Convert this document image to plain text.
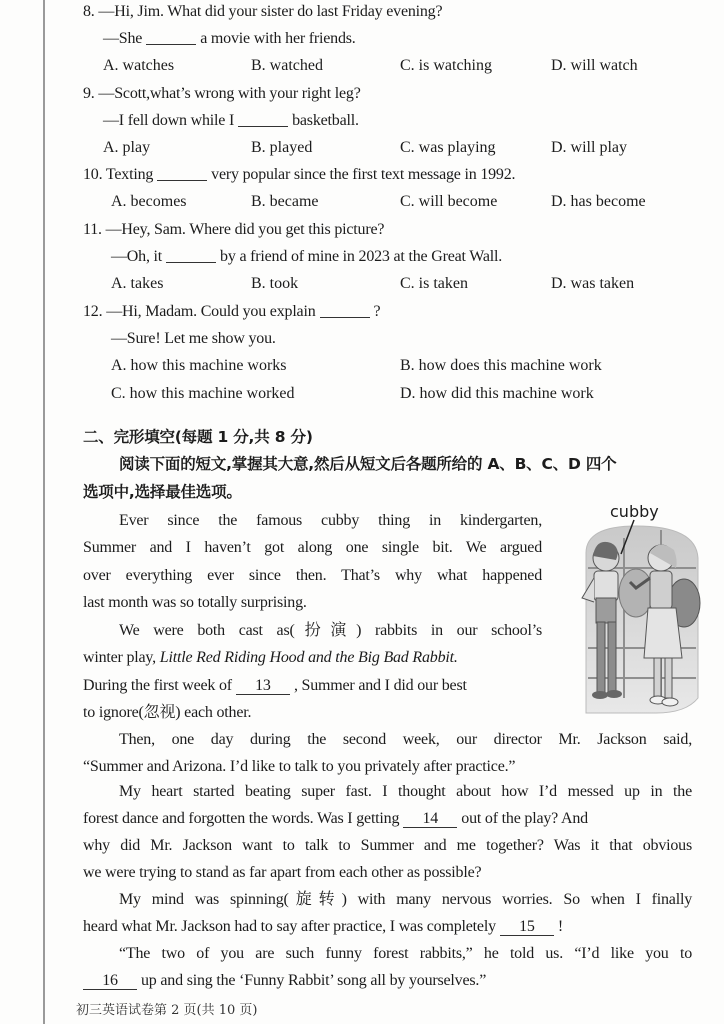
8. —Hi, Jim. What did your sister do last Friday evening?
—She	a movie with her friends.
A. watches	B. watched	C. is watching	D. will watch
9. —Scott,what’s wrong with your right leg?
—I fell down while I	basketball.
A. play	B. played	C. was playing	D. will play
10. Texting	very popular since the first text message in 1992.
A. becomes	B. became	C. will become	D. has become
11. —Hey, Sam. Where did you get this picture?
—Oh, it	by a friend of mine in 2023 at the Great Wall.
A. takes	B. took	C. is taken	D. was taken
12. —Hi, Madam. Could you explain	?
—Sure! Let me show you.
A. how this machine works	B. how does this machine work
C. how this machine worked	D. how did this machine work
二、完形填空(每题 1 分,共 8 分)
阅读下面的短文,掌握其大意,然后从短文后各题所给的 A、B、C、D 四个
选项中,选择最佳选项。
cubby
Ever since the famous cubby thing in kindergarten,
Summer and I haven’t got along one single bit. We argued
over everything ever since then. That’s why what happened
last month was so totally surprising.
We were both cast as(扮演) rabbits in our school’s
winter play, Little Red Riding Hood and the Big Bad Rabbit.
During the first week of 13 , Summer and I did our best
to ignore(忽视) each other.
Then, one day during the second week, our director Mr. Jackson said,
“Summer and Arizona. I’d like to talk to you privately after practice.”
My heart started beating super fast. I thought about how I’d messed up in the
forest dance and forgotten the words. Was I getting 14 out of the play? And
why did Mr. Jackson want to talk to Summer and me together? Was it that obvious
we were trying to stand as far apart from each other as possible?
My mind was spinning(旋转) with many nervous worries. So when I finally
heard what Mr. Jackson had to say after practice, I was completely 15 !
“The two of you are such funny forest rabbits,” he told us. “I’d like you to
16 up and sing the ‘Funny Rabbit’ song all by yourselves.”
初三英语试卷第 2 页(共 10 页)
